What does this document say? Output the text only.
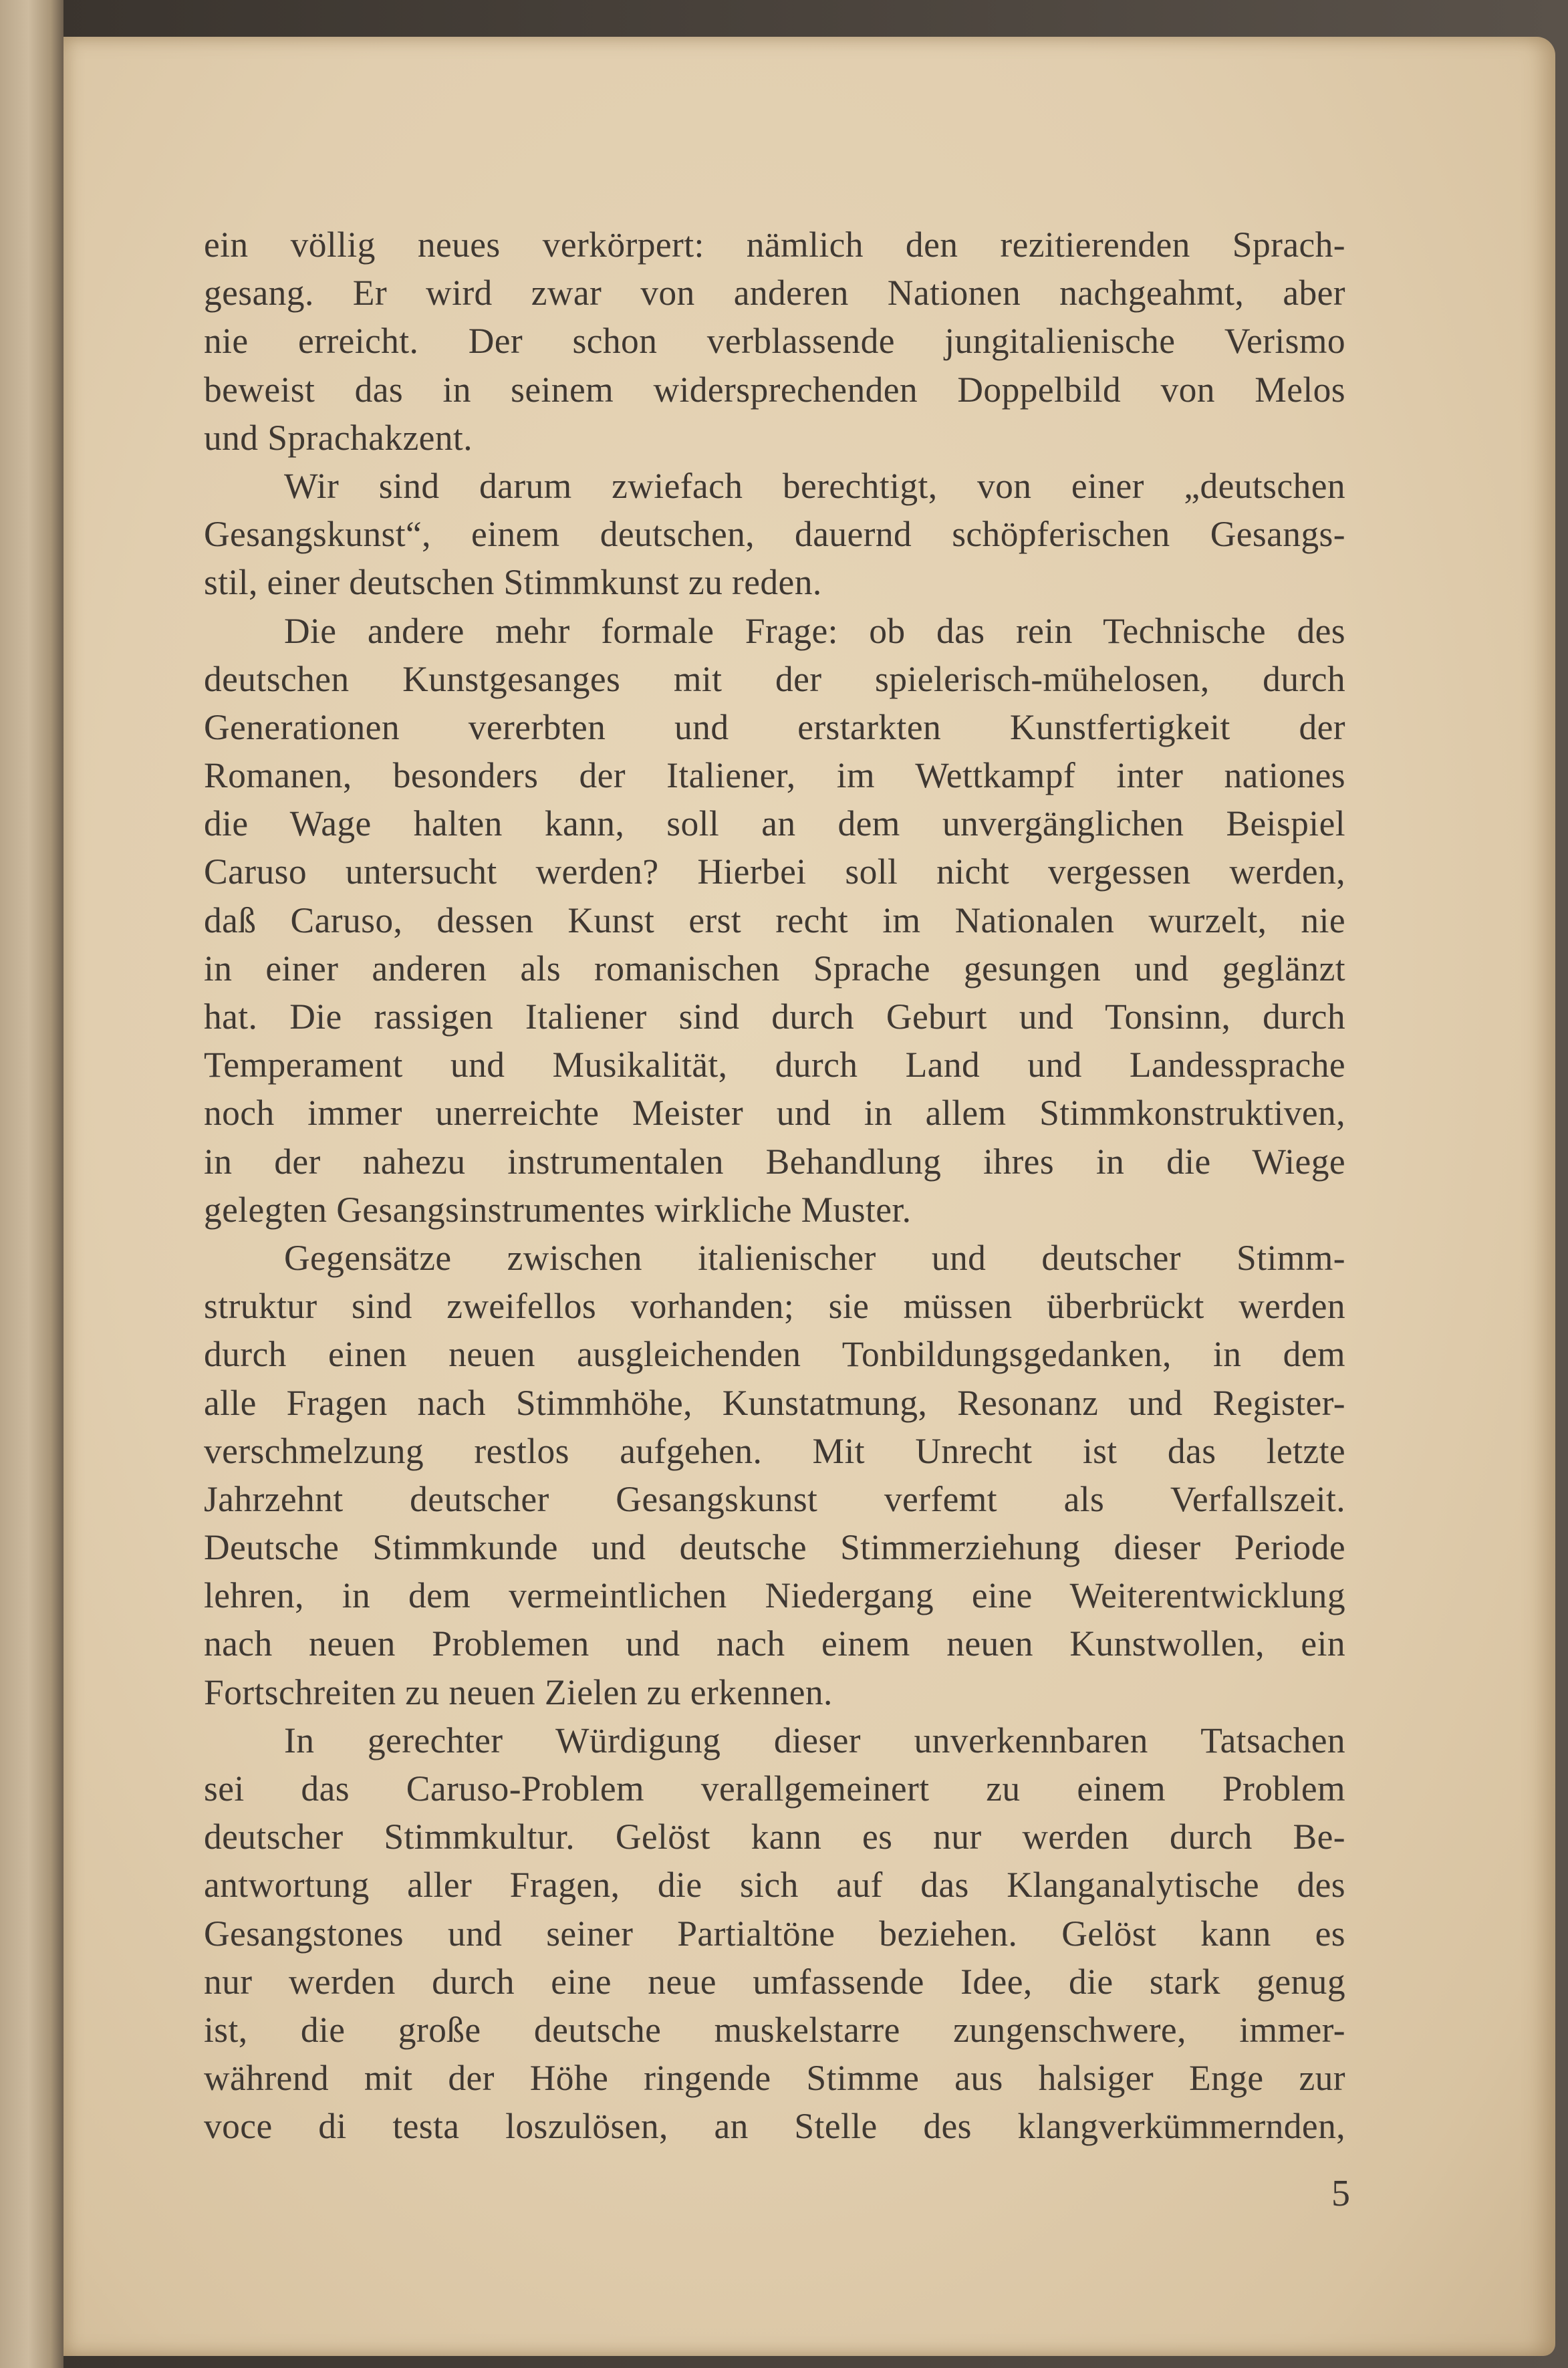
ein völlig neues verkörpert: nämlich den rezitierenden Sprach-
gesang. Er wird zwar von anderen Nationen nachgeahmt, aber
nie erreicht. Der schon verblassende jungitalienische Verismo
beweist das in seinem widersprechenden Doppelbild von Melos
und Sprachakzent.
Wir sind darum zwiefach berechtigt, von einer „deutschen
Gesangskunst“, einem deutschen, dauernd schöpferischen Gesangs-
stil, einer deutschen Stimmkunst zu reden.
Die andere mehr formale Frage: ob das rein Technische des
deutschen Kunstgesanges mit der spielerisch-mühelosen, durch
Generationen vererbten und erstarkten Kunstfertigkeit der
Romanen, besonders der Italiener, im Wettkampf inter nationes
die Wage halten kann, soll an dem unvergänglichen Beispiel
Caruso untersucht werden? Hierbei soll nicht vergessen werden,
daß Caruso, dessen Kunst erst recht im Nationalen wurzelt, nie
in einer anderen als romanischen Sprache gesungen und geglänzt
hat. Die rassigen Italiener sind durch Geburt und Tonsinn, durch
Temperament und Musikalität, durch Land und Landessprache
noch immer unerreichte Meister und in allem Stimmkonstruktiven,
in der nahezu instrumentalen Behandlung ihres in die Wiege
gelegten Gesangsinstrumentes wirkliche Muster.
Gegensätze zwischen italienischer und deutscher Stimm-
struktur sind zweifellos vorhanden; sie müssen überbrückt werden
durch einen neuen ausgleichenden Tonbildungsgedanken, in dem
alle Fragen nach Stimmhöhe, Kunstatmung, Resonanz und Register-
verschmelzung restlos aufgehen. Mit Unrecht ist das letzte
Jahrzehnt deutscher Gesangskunst verfemt als Verfallszeit.
Deutsche Stimmkunde und deutsche Stimmerziehung dieser Periode
lehren, in dem vermeintlichen Niedergang eine Weiterentwicklung
nach neuen Problemen und nach einem neuen Kunstwollen, ein
Fortschreiten zu neuen Zielen zu erkennen.
In gerechter Würdigung dieser unverkennbaren Tatsachen
sei das Caruso-Problem verallgemeinert zu einem Problem
deutscher Stimmkultur. Gelöst kann es nur werden durch Be-
antwortung aller Fragen, die sich auf das Klanganalytische des
Gesangstones und seiner Partialtöne beziehen. Gelöst kann es
nur werden durch eine neue umfassende Idee, die stark genug
ist, die große deutsche muskelstarre zungenschwere, immer-
während mit der Höhe ringende Stimme aus halsiger Enge zur
voce di testa loszulösen, an Stelle des klangverkümmernden,
5
